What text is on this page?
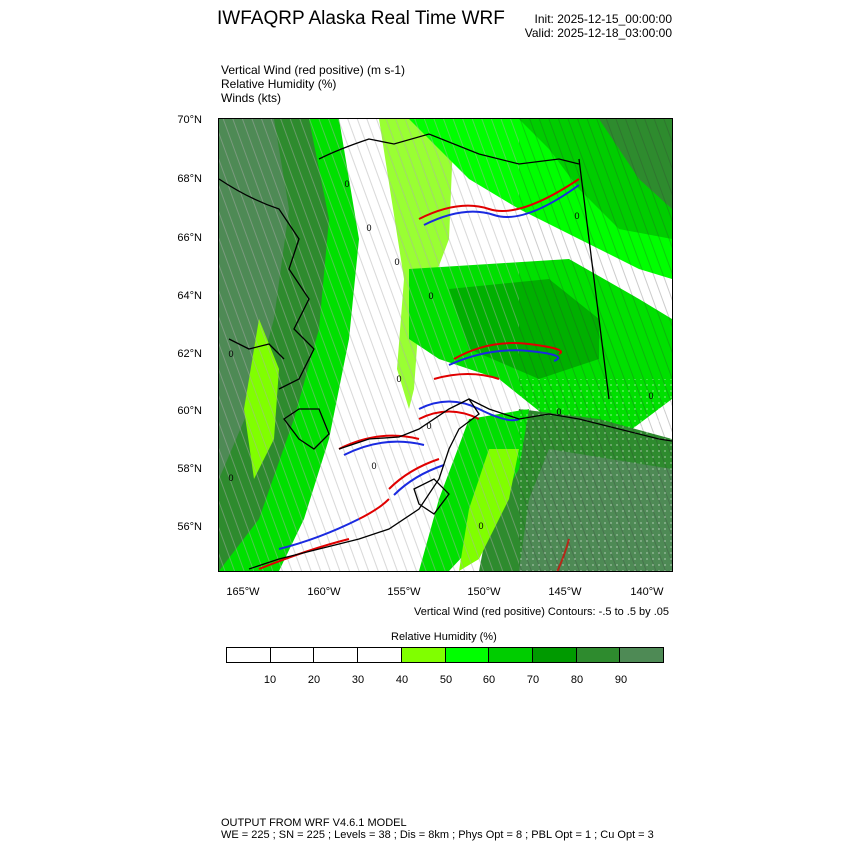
IWFAQRP Alaska Real Time WRF Init: 2025-12-15_00:00:00
Valid: 2025-12-18_03:00:00
Vertical Wind (red positive) (m s-1)
Relative Humidity (%)
Winds (kts)
70°N
68°N
66°N
64°N
62°N
60°N
58°N
56°N
0
0
0
0
0
0
0
0
0
0
0
0
0
165°W	160°W	155°W	150°W	145°W	140°W
Vertical Wind (red positive) Contours: -.5 to .5 by .05
Relative Humidity (%)
10	20	30	40	50	60	70	80	90
OUTPUT FROM WRF V4.6.1 MODEL
WE = 225 ; SN = 225 ; Levels = 38 ; Dis = 8km ; Phys Opt = 8 ; PBL Opt = 1 ; Cu Opt = 3
